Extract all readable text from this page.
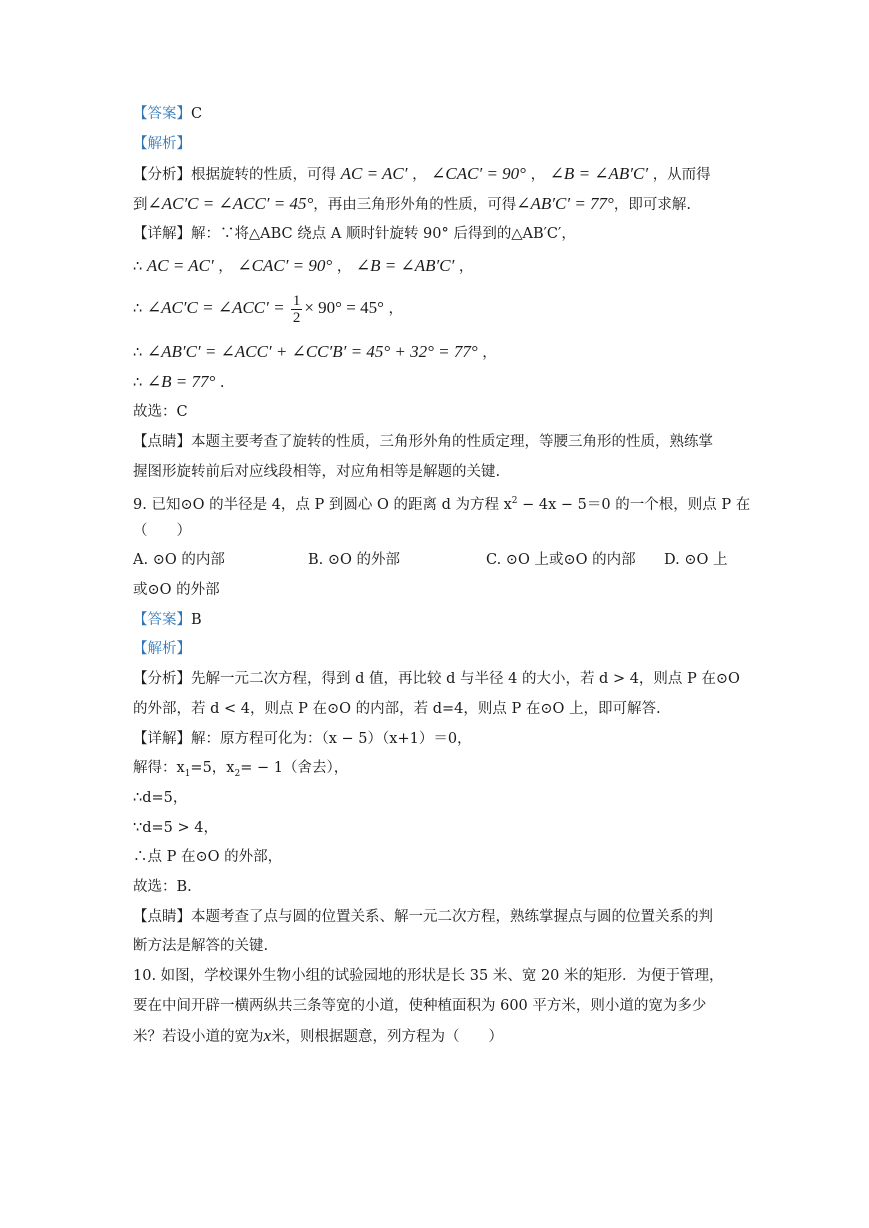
【答案】C
【解析】
【分析】根据旋转的性质，可得 AC = AC′ ， ∠CAC′ = 90° ， ∠B = ∠AB′C′ ，从而得
到∠AC′C = ∠ACC′ = 45°，再由三角形外角的性质，可得∠AB′C′ = 77°，即可求解.
【详解】解：∵将△ABC 绕点 A 顺时针旋转 90° 后得到的△AB′C′，
∴ AC = AC′ ， ∠CAC′ = 90° ， ∠B = ∠AB′C′ ，
∴ ∠AC′C = ∠ACC′ = $\frac{1}{2} \times 90^\circ = 45^\circ$ ，
∴ ∠AB′C′ = ∠ACC′ + ∠CC′B′ = 45° + 32° = 77° ，
∴ ∠B = 77° .
故选：C
【点睛】本题主要考查了旋转的性质，三角形外角的性质定理，等腰三角形的性质，熟练掌
握图形旋转前后对应线段相等，对应角相等是解题的关键.
9. 已知⊙O 的半径是 4，点 P 到圆心 O 的距离 d 为方程 $x^2 - 4x - 5=0$ 的一个根，则点 P 在
（　　）
A. ⊙O 的内部	B. ⊙O 的外部	C. ⊙O 上或⊙O 的内部 D. ⊙O 上
或⊙O 的外部
【答案】B
【解析】
【分析】先解一元二次方程，得到 d 值，再比较 d 与半径 4 的大小，若 d > 4，则点 P 在⊙O
的外部，若 d < 4，则点 P 在⊙O 的内部，若 d=4，则点 P 在⊙O 上，即可解答.
【详解】解：原方程可化为：（x − 5）（x+1）＝0，
解得：$x_1=5$，$x_2= - 1$（舍去），
∴d=5，
∵d=5 > 4，
∴点 P 在⊙O 的外部，
故选：B.
【点睛】本题考查了点与圆的位置关系、解一元二次方程，熟练掌握点与圆的位置关系的判
断方法是解答的关键.
10. 如图，学校课外生物小组的试验园地的形状是长 35 米、宽 20 米的矩形．为便于管理，
要在中间开辟一横两纵共三条等宽的小道，使种植面积为 600 平方米，则小道的宽为多少
米？若设小道的宽为x米，则根据题意，列方程为（　　）
